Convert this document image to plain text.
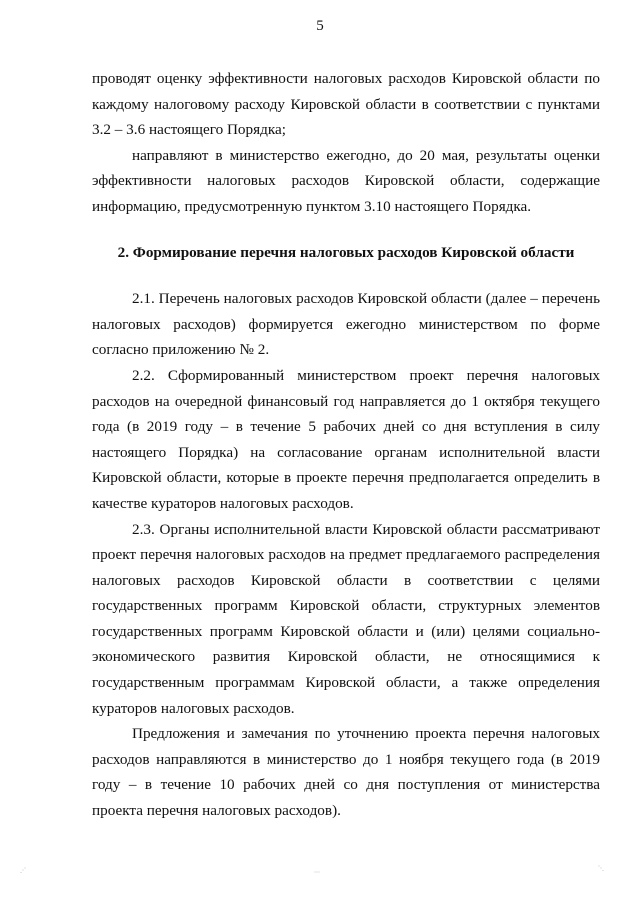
5

проводят оценку эффективности налоговых расходов Кировской области по каждому налоговому расходу Кировской области в соответствии с пунктами 3.2 – 3.6 настоящего Порядка;

направляют в министерство ежегодно, до 20 мая, результаты оценки эффективности налоговых расходов Кировской области, содержащие информацию, предусмотренную пунктом 3.10 настоящего Порядка.

2. Формирование перечня налоговых расходов Кировской области

2.1. Перечень налоговых расходов Кировской области (далее – перечень налоговых расходов) формируется ежегодно министерством по форме согласно приложению № 2.

2.2. Сформированный министерством проект перечня налоговых расходов на очередной финансовый год направляется до 1 октября текущего года (в 2019 году – в течение 5 рабочих дней со дня вступления в силу настоящего Порядка) на согласование органам исполнительной власти Кировской области, которые в проекте перечня предполагается определить в качестве кураторов налоговых расходов.

2.3. Органы исполнительной власти Кировской области рассматривают проект перечня налоговых расходов на предмет предлагаемого распределения налоговых расходов Кировской области в соответствии с целями государственных программ Кировской области, структурных элементов государственных программ Кировской области и (или) целями социально-экономического развития Кировской области, не относящимися к государственным программам Кировской области, а также определения кураторов налоговых расходов.

Предложения и замечания по уточнению проекта перечня налоговых расходов направляются в министерство до 1 ноября текущего года (в 2019 году – в течение 10 рабочих дней со дня поступления от министерства проекта перечня налоговых расходов).

⋰	⋯
⋱
